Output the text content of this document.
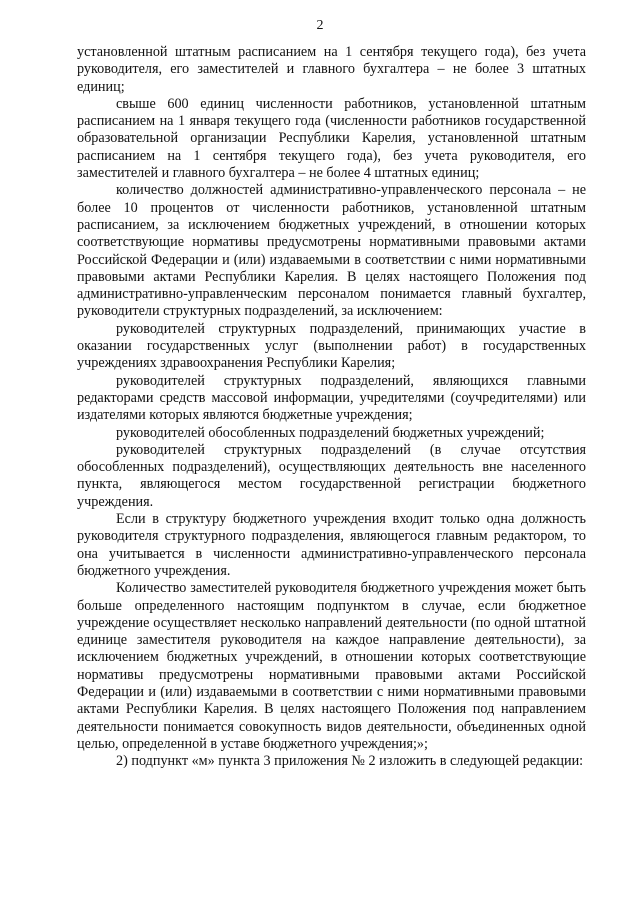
2

установленной штатным расписанием на 1 сентября текущего года), без учета руководителя, его заместителей и главного бухгалтера – не более 3 штатных единиц;

свыше 600 единиц численности работников, установленной штатным расписанием на 1 января текущего года (численности работников государственной образовательной организации Республики Карелия, установленной штатным расписанием на 1 сентября текущего года), без учета руководителя, его заместителей и главного бухгалтера – не более 4 штатных единиц;

количество должностей административно-управленческого персонала – не более 10 процентов от численности работников, установленной штатным расписанием, за исключением бюджетных учреждений, в отношении которых соответствующие нормативы предусмотрены нормативными правовыми актами Российской Федерации и (или) издаваемыми в соответствии с ними нормативными правовыми актами Республики Карелия. В целях настоящего Положения под административно-управленческим персоналом понимается главный бухгалтер, руководители структурных подразделений, за исключением:

руководителей структурных подразделений, принимающих участие в оказании государственных услуг (выполнении работ) в государственных учреждениях здравоохранения Республики Карелия;

руководителей структурных подразделений, являющихся главными редакторами средств массовой информации, учредителями (соучредителями) или издателями которых являются бюджетные учреждения;

руководителей обособленных подразделений бюджетных учреждений;

руководителей структурных подразделений (в случае отсутствия обособленных подразделений), осуществляющих деятельность вне населенного пункта, являющегося местом государственной регистрации бюджетного учреждения.

Если в структуру бюджетного учреждения входит только одна должность руководителя структурного подразделения, являющегося главным редактором, то она учитывается в численности административно-управленческого персонала бюджетного учреждения.

Количество заместителей руководителя бюджетного учреждения может быть больше определенного настоящим подпунктом в случае, если бюджетное учреждение осуществляет несколько направлений деятельности (по одной штатной единице заместителя руководителя на каждое направление деятельности), за исключением бюджетных учреждений, в отношении которых соответствующие нормативы предусмотрены нормативными правовыми актами Российской Федерации и (или) издаваемыми в соответствии с ними нормативными правовыми актами Республики Карелия. В целях настоящего Положения под направлением деятельности понимается совокупность видов деятельности, объединенных одной целью, определенной в уставе бюджетного учреждения;»;

2) подпункт «м» пункта 3 приложения № 2 изложить в следующей редакции:
